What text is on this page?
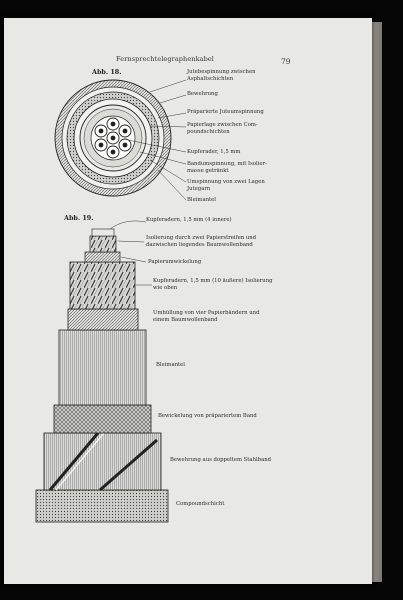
Fernsprechtelegraphenkabel	79
Abb. 18.
Abb. 19.
Jutebespinnung zwischen
Asphaltschichten
Bewehrung
Präparierte Juteumspinnung
Papierlage zwischen Com-
poundschichten
Kupferader, 1,5 mm
Bandumspinnung, mit Isolier-
masse getränkt
Umspinnung von zwei Lagen
Jutegarn
Bleimantel
Kupferadern, 1,5 mm (4 innere)
Isolierung durch zwei Papierstreifen und
dazwischen liegendes Baumwollenband
Papierumwickelung
Kupferadern, 1,5 mm (10 äußere) Isolierung
wie oben
Umhüllung von vier Papierbändern und
einem Baumwollenband
Bleimantel
Bewickelung von präpariertem Band
Bewehrung aus doppeltem Stahlband
Compoundschicht
